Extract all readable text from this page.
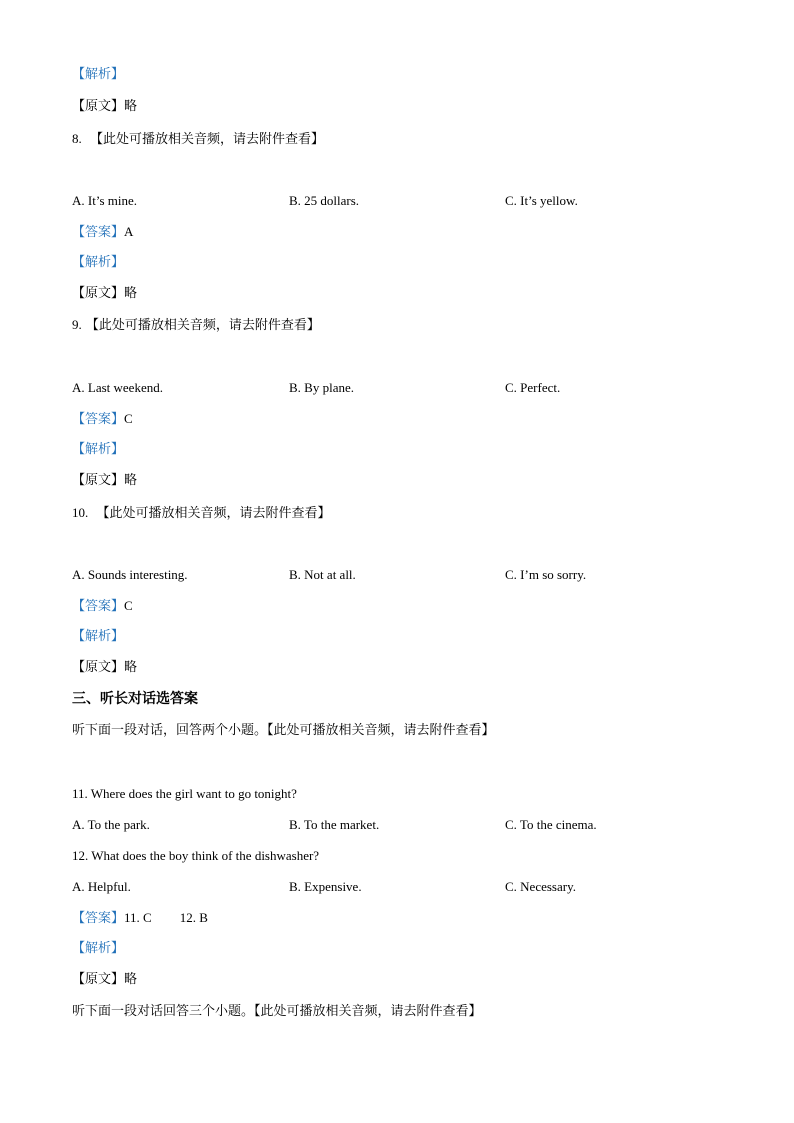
【解析】
【原文】略
8. 【此处可播放相关音频，请去附件查看】
A. It’s mine.	B. 25 dollars.	C. It’s yellow.
【答案】A
【解析】
【原文】略
9. 【此处可播放相关音频，请去附件查看】
A. Last weekend.	B. By plane.	C. Perfect.
【答案】C
【解析】
【原文】略
10. 【此处可播放相关音频，请去附件查看】
A. Sounds interesting.	B. Not at all.	C. I’m so sorry.
【答案】C
【解析】
【原文】略
三、听长对话选答案
听下面一段对话，回答两个小题。【此处可播放相关音频，请去附件查看】
11. Where does the girl want to go tonight?
A. To the park.	B. To the market.	C. To the cinema.
12. What does the boy think of the dishwasher?
A. Helpful.	B. Expensive.	C. Necessary.
【答案】11. C 12. B
【解析】
【原文】略
听下面一段对话回答三个小题。【此处可播放相关音频，请去附件查看】
